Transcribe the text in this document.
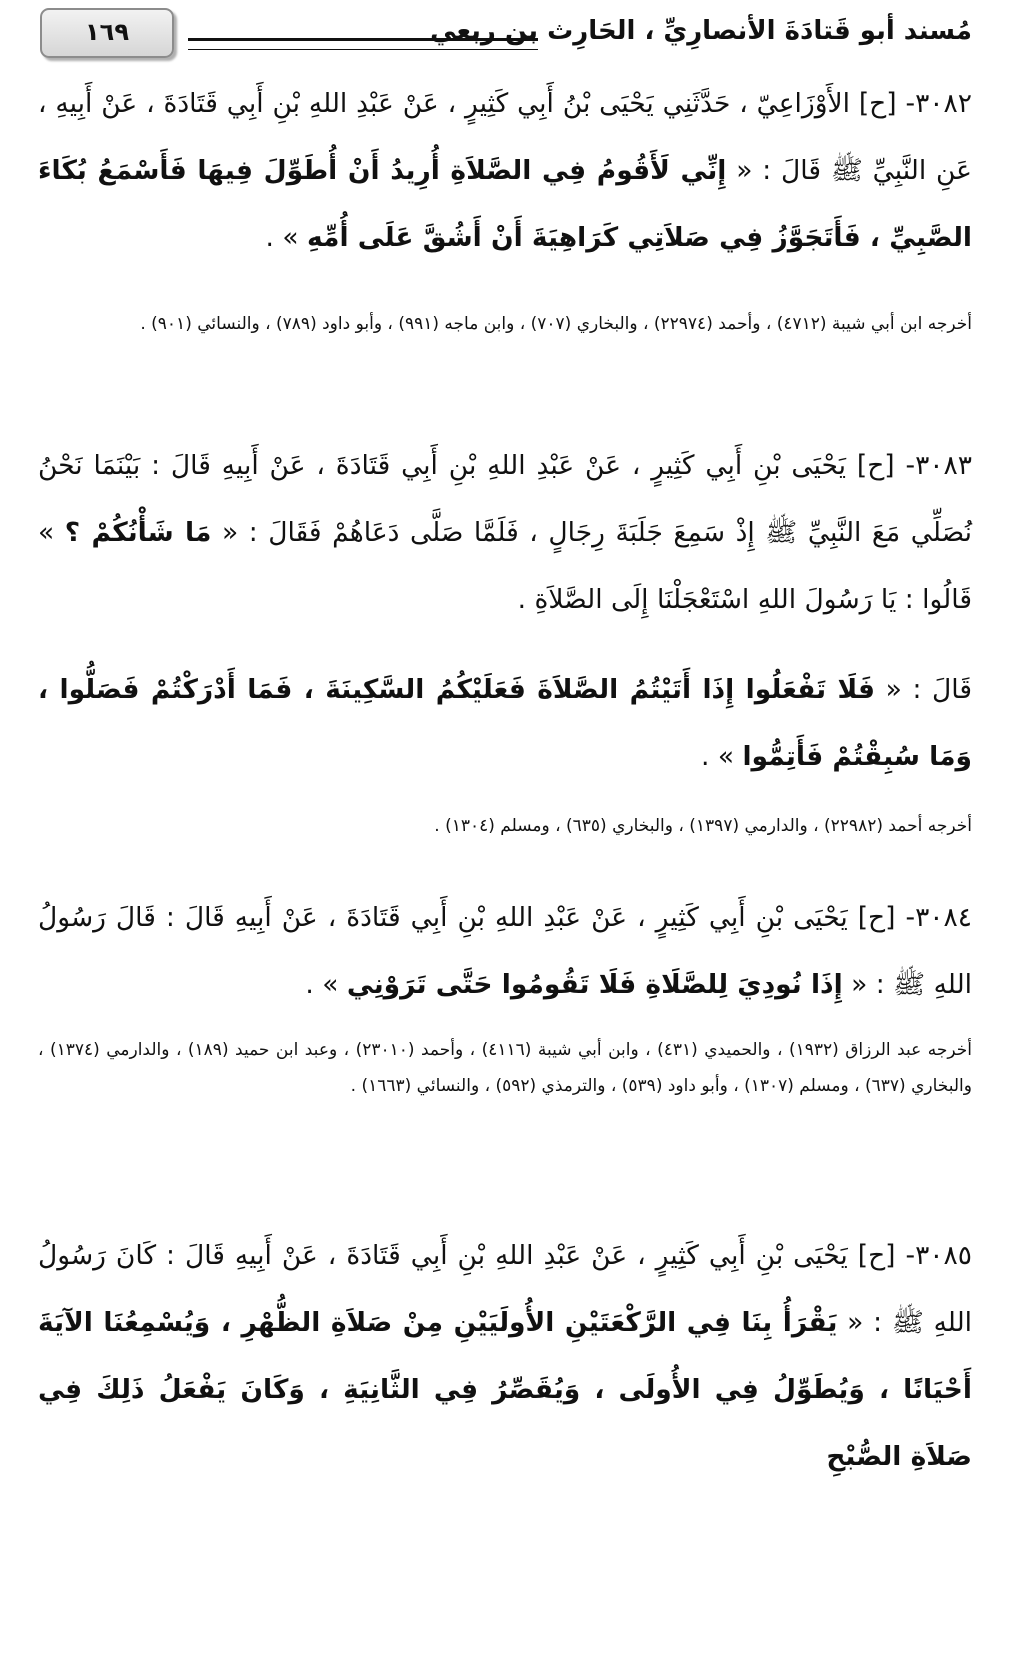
مُسند أبو قَتادَةَ الأنصارِيِّ ، الحَارِث بن ربعي
١٦٩
٣٠٨٢- [ح] الأَوْزَاعِيّ ، حَدَّثَنِي يَحْيَى بْنُ أَبِي كَثِيرٍ ، عَنْ عَبْدِ اللهِ بْنِ أَبِي قَتَادَةَ ، عَنْ أَبِيهِ ، عَنِ النَّبِيِّ ﷺ قَالَ : « إِنِّي لَأَقُومُ فِي الصَّلاَةِ أُرِيدُ أَنْ أُطَوِّلَ فِيهَا فَأَسْمَعُ بُكَاءَ الصَّبِيِّ ، فَأَتَجَوَّزُ فِي صَلاَتِي كَرَاهِيَةَ أَنْ أَشُقَّ عَلَى أُمِّهِ » .
أخرجه ابن أبي شيبة (٤٧١٢) ، وأحمد (٢٢٩٧٤) ، والبخاري (٧٠٧) ، وابن ماجه (٩٩١) ، وأبو داود (٧٨٩) ، والنسائي (٩٠١) .
٣٠٨٣- [ح] يَحْيَى بْنِ أَبِي كَثِيرٍ ، عَنْ عَبْدِ اللهِ بْنِ أَبِي قَتَادَةَ ، عَنْ أَبِيهِ قَالَ : بَيْنَمَا نَحْنُ نُصَلِّي مَعَ النَّبِيِّ ﷺ إِذْ سَمِعَ جَلَبَةَ رِجَالٍ ، فَلَمَّا صَلَّى دَعَاهُمْ فَقَالَ : « مَا شَأْنُكُمْ ؟ » قَالُوا : يَا رَسُولَ اللهِ اسْتَعْجَلْنَا إِلَى الصَّلاَةِ .
قَالَ : « فَلَا تَفْعَلُوا إِذَا أَتَيْتُمُ الصَّلاَةَ فَعَلَيْكُمُ السَّكِينَةَ ، فَمَا أَدْرَكْتُمْ فَصَلُّوا ، وَمَا سُبِقْتُمْ فَأَتِمُّوا » .
أخرجه أحمد (٢٢٩٨٢) ، والدارمي (١٣٩٧) ، والبخاري (٦٣٥) ، ومسلم (١٣٠٤) .
٣٠٨٤- [ح] يَحْيَى بْنِ أَبِي كَثِيرٍ ، عَنْ عَبْدِ اللهِ بْنِ أَبِي قَتَادَةَ ، عَنْ أَبِيهِ قَالَ : قَالَ رَسُولُ اللهِ ﷺ : « إِذَا نُودِيَ لِلصَّلَاةِ فَلَا تَقُومُوا حَتَّى تَرَوْنِي » .
أخرجه عبد الرزاق (١٩٣٢) ، والحميدي (٤٣١) ، وابن أبي شيبة (٤١١٦) ، وأحمد (٢٣٠١٠) ، وعبد ابن حميد (١٨٩) ، والدارمي (١٣٧٤) ، والبخاري (٦٣٧) ، ومسلم (١٣٠٧) ، وأبو داود (٥٣٩) ، والترمذي (٥٩٢) ، والنسائي (١٦٦٣) .
٣٠٨٥- [ح] يَحْيَى بْنِ أَبِي كَثِيرٍ ، عَنْ عَبْدِ اللهِ بْنِ أَبِي قَتَادَةَ ، عَنْ أَبِيهِ قَالَ : كَانَ رَسُولُ اللهِ ﷺ : « يَقْرَأُ بِنَا فِي الرَّكْعَتَيْنِ الأُولَيَيْنِ مِنْ صَلاَةِ الظُّهْرِ ، وَيُسْمِعُنَا الآيَةَ أَحْيَانًا ، وَيُطَوِّلُ فِي الأُولَى ، وَيُقَصِّرُ فِي الثَّانِيَةِ ، وَكَانَ يَفْعَلُ ذَلِكَ فِي صَلاَةِ الصُّبْحِ
